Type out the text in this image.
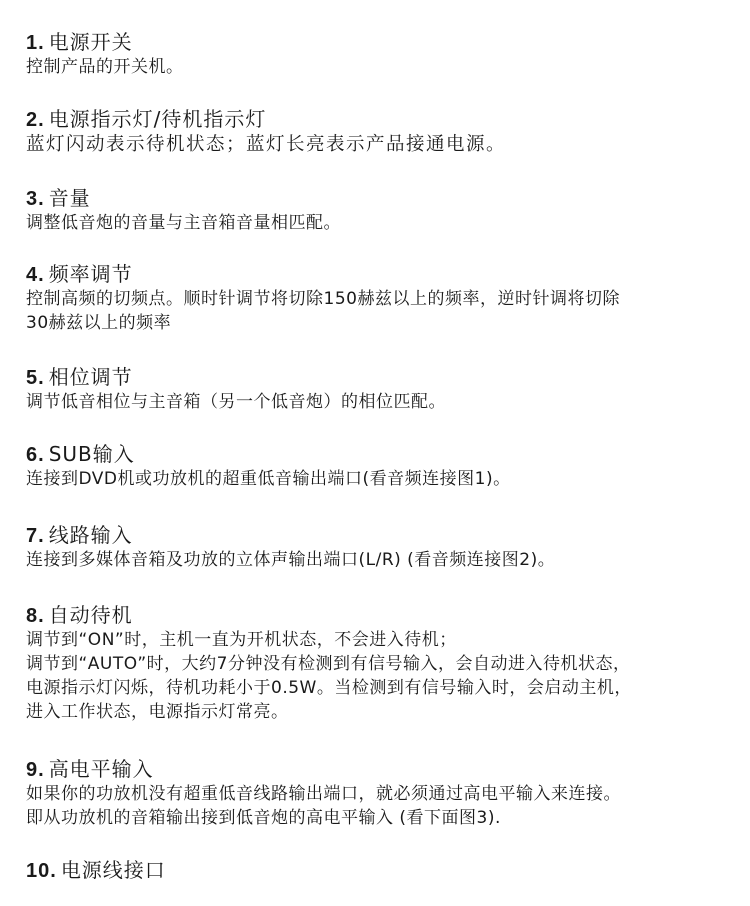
1. 电源开关
控制产品的开关机。
2. 电源指示灯/待机指示灯
蓝灯闪动表示待机状态；蓝灯长亮表示产品接通电源。
3. 音量
调整低音炮的音量与主音箱音量相匹配。
4. 频率调节
控制高频的切频点。顺时针调节将切除150赫兹以上的频率，逆时针调将切除
30赫兹以上的频率
5. 相位调节
调节低音相位与主音箱（另一个低音炮）的相位匹配。
6. SUB输入
连接到DVD机或功放机的超重低音输出端口(看音频连接图1)。
7. 线路输入
连接到多媒体音箱及功放的立体声输出端口(L/R) (看音频连接图2)。
8. 自动待机
调节到“ON”时，主机一直为开机状态，不会进入待机；
调节到“AUTO”时，大约7分钟没有检测到有信号输入，会自动进入待机状态，
电源指示灯闪烁，待机功耗小于0.5W。当检测到有信号输入时，会启动主机，
进入工作状态，电源指示灯常亮。
9. 高电平输入
如果你的功放机没有超重低音线路输出端口，就必须通过高电平输入来连接。
即从功放机的音箱输出接到低音炮的高电平输入 (看下面图3).
10. 电源线接口
